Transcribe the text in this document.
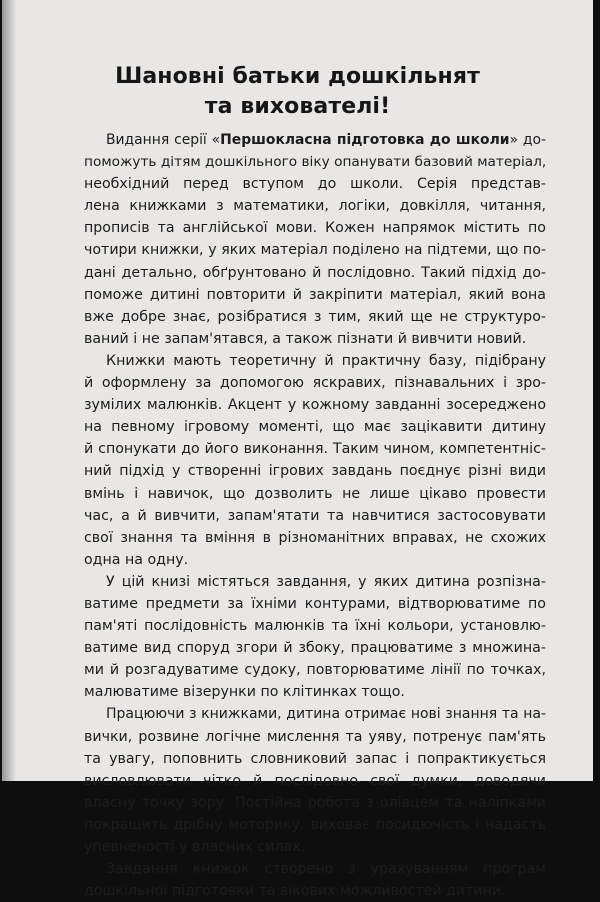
Шановні батьки дошкільнят
та вихователі!
Видання серії «Першокласна підготовка до школи» до-
поможуть дітям дошкільного віку опанувати базовий матеріал,
необхідний перед вступом до школи. Серія представ-
лена книжками з математики, логіки, довкілля, читання,
прописів та англійської мови. Кожен напрямок містить по
чотири книжки, у яких матеріал поділено на підтеми, що по-
дані детально, обґрунтовано й послідовно. Такий підхід до-
поможе дитині повторити й закріпити матеріал, який вона
вже добре знає, розібратися з тим, який ще не структуро-
ваний і не запам'ятався, а також пізнати й вивчити новий.
Книжки мають теоретичну й практичну базу, підібрану
й оформлену за допомогою яскравих, пізнавальних і зро-
зумілих малюнків. Акцент у кожному завданні зосереджено
на певному ігровому моменті, що має зацікавити дитину
й спонукати до його виконання. Таким чином, компетентніс-
ний підхід у створенні ігрових завдань поєднує різні види
вмінь і навичок, що дозволить не лише цікаво провести
час, а й вивчити, запам'ятати та навчитися застосовувати
свої знання та вміння в різноманітних вправах, не схожих
одна на одну.
У цій книзі містяться завдання, у яких дитина розпізна-
ватиме предмети за їхніми контурами, відтворюватиме по
пам'яті послідовність малюнків та їхні кольори, установлю-
ватиме вид споруд згори й збоку, працюватиме з множина-
ми й розгадуватиме судоку, повторюватиме лінії по точках,
малюватиме візерунки по клітинках тощо.
Працюючи з книжками, дитина отримає нові знання та на-
вички, розвине логічне мислення та уяву, потренує пам'ять
та увагу, поповнить словниковий запас і попрактикується
висловлювати чітко й послідовно свої думки, доводячи
власну точку зору. Постійна робота з олівцем та наліпками
покращить дрібну моторику, виховає посидючість і надасть
упевненості у власних силах.
Завдання книжок створено з урахуванням програм
дошкільної підготовки та вікових можливостей дитини.
